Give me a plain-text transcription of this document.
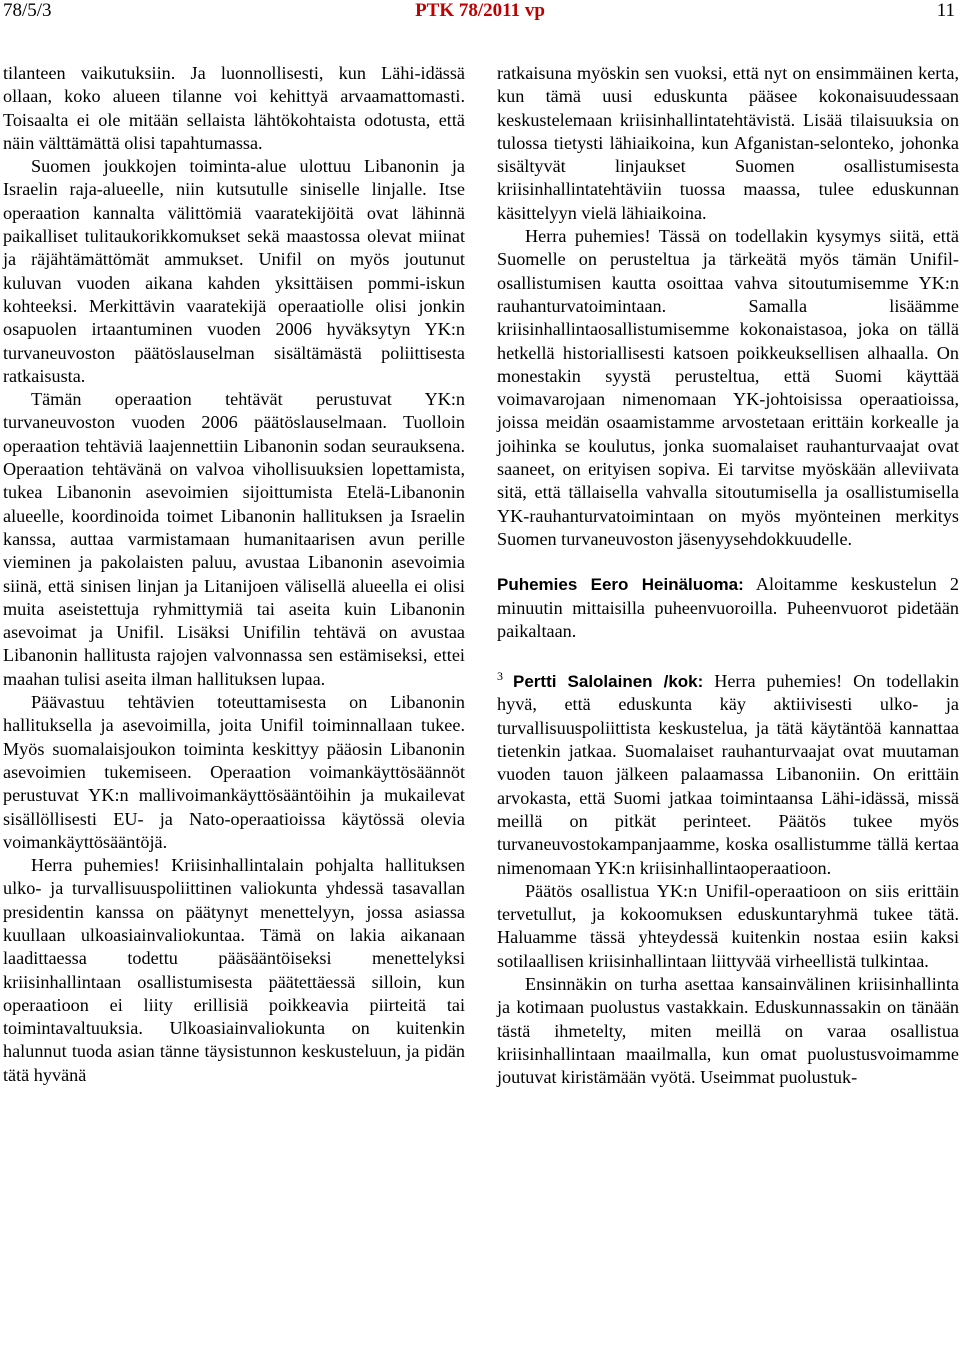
78/5/3	PTK 78/2011 vp	11

tilanteen vaikutuksiin. Ja luonnollisesti, kun Lähi-idässä ollaan, koko alueen tilanne voi kehittyä arvaamattomasti. Toisaalta ei ole mitään sellaista lähtökohtaista odotusta, että näin välttämättä olisi tapahtumassa.

Suomen joukkojen toiminta-alue ulottuu Libanonin ja Israelin raja-alueelle, niin kutsutulle siniselle linjalle. Itse operaation kannalta välittömiä vaaratekijöitä ovat lähinnä paikalliset tulitaukorikkomukset sekä maastossa olevat miinat ja räjähtämättömät ammukset. Unifil on myös joutunut kuluvan vuoden aikana kahden yksittäisen pommi-iskun kohteeksi. Merkittävin vaaratekijä operaatiolle olisi jonkin osapuolen irtaantuminen vuoden 2006 hyväksytyn YK:n turvaneuvoston päätöslauselman sisältämästä poliittisesta ratkaisusta.

Tämän operaation tehtävät perustuvat YK:n turvaneuvoston vuoden 2006 päätöslauselmaan. Tuolloin operaation tehtäviä laajennettiin Libanonin sodan seurauksena. Operaation tehtävänä on valvoa vihollisuuksien lopettamista, tukea Libanonin asevoimien sijoittumista Etelä-Libanonin alueelle, koordinoida toimet Libanonin hallituksen ja Israelin kanssa, auttaa varmistamaan humanitaarisen avun perille vieminen ja pakolaisten paluu, avustaa Libanonin asevoimia siinä, että sinisen linjan ja Litanijoen välisellä alueella ei olisi muita aseistettuja ryhmittymiä tai aseita kuin Libanonin asevoimat ja Unifil. Lisäksi Unifilin tehtävä on avustaa Libanonin hallitusta rajojen valvonnassa sen estämiseksi, ettei maahan tulisi aseita ilman hallituksen lupaa.

Päävastuu tehtävien toteuttamisesta on Libanonin hallituksella ja asevoimilla, joita Unifil toiminnallaan tukee. Myös suomalaisjoukon toiminta keskittyy pääosin Libanonin asevoimien tukemiseen. Operaation voimankäyttösäännöt perustuvat YK:n mallivoimankäyttösääntöihin ja mukailevat sisällöllisesti EU- ja Nato-operaatioissa käytössä olevia voimankäyttösääntöjä.

Herra puhemies! Kriisinhallintalain pohjalta hallituksen ulko- ja turvallisuuspoliittinen valiokunta yhdessä tasavallan presidentin kanssa on päätynyt menettelyyn, jossa asiassa kuullaan ulkoasiainvaliokuntaa. Tämä on lakia aikanaan laadittaessa todettu pääsääntöiseksi menettelyksi kriisinhallintaan osallistumisesta päätettäessä silloin, kun operaatioon ei liity erillisiä poikkeavia piirteitä tai toimintavaltuuksia. Ulkoasiainvaliokunta on kuitenkin halunnut tuoda asian tänne täysistunnon keskusteluun, ja pidän tätä hyvänä

ratkaisuna myöskin sen vuoksi, että nyt on ensimmäinen kerta, kun tämä uusi eduskunta pääsee kokonaisuudessaan keskustelemaan kriisinhallintatehtävistä. Lisää tilaisuuksia on tulossa tietysti lähiaikoina, kun Afganistan-selonteko, johonka sisältyvät linjaukset Suomen osallistumisesta kriisinhallintatehtäviin tuossa maassa, tulee eduskunnan käsittelyyn vielä lähiaikoina.

Herra puhemies! Tässä on todellakin kysymys siitä, että Suomelle on perusteltua ja tärkeätä myös tämän Unifil-osallistumisen kautta osoittaa vahva sitoutumisemme YK:n rauhanturvatoimintaan. Samalla lisäämme kriisinhallintaosallistumisemme kokonaistasoa, joka on tällä hetkellä historiallisesti katsoen poikkeuksellisen alhaalla. On monestakin syystä perusteltua, että Suomi käyttää voimavarojaan nimenomaan YK-johtoisissa operaatioissa, joissa meidän osaamistamme arvostetaan erittäin korkealle ja joihinka se koulutus, jonka suomalaiset rauhanturvaajat ovat saaneet, on erityisen sopiva. Ei tarvitse myöskään alleviivata sitä, että tällaisella vahvalla sitoutumisella ja osallistumisella YK-rauhanturvatoimintaan on myös myönteinen merkitys Suomen turvaneuvoston jäsenyysehdokkuudelle.

Puhemies Eero Heinäluoma: Aloitamme keskustelun 2 minuutin mittaisilla puheenvuoroilla. Puheenvuorot pidetään paikaltaan.

$^3$ Pertti Salolainen /kok: Herra puhemies! On todellakin hyvä, että eduskunta käy aktiivisesti ulko- ja turvallisuuspoliittista keskustelua, ja tätä käytäntöä kannattaa tietenkin jatkaa. Suomalaiset rauhanturvaajat ovat muutaman vuoden tauon jälkeen palaamassa Libanoniin. On erittäin arvokasta, että Suomi jatkaa toimintaansa Lähi-idässä, missä meillä on pitkät perinteet. Päätös tukee myös turvaneuvostokampanjaamme, koska osallistumme tällä kertaa nimenomaan YK:n kriisinhallintaoperaatioon.

Päätös osallistua YK:n Unifil-operaatioon on siis erittäin tervetullut, ja kokoomuksen eduskuntaryhmä tukee tätä. Haluamme tässä yhteydessä kuitenkin nostaa esiin kaksi sotilaallisen kriisinhallintaan liittyvää virheellistä tulkintaa.

Ensinnäkin on turha asettaa kansainvälinen kriisinhallinta ja kotimaan puolustus vastakkain. Eduskunnassakin on tänään tästä ihmetelty, miten meillä on varaa osallistua kriisinhallintaan maailmalla, kun omat puolustusvoimamme joutuvat kiristämään vyötä. Useimmat puolustuk-
